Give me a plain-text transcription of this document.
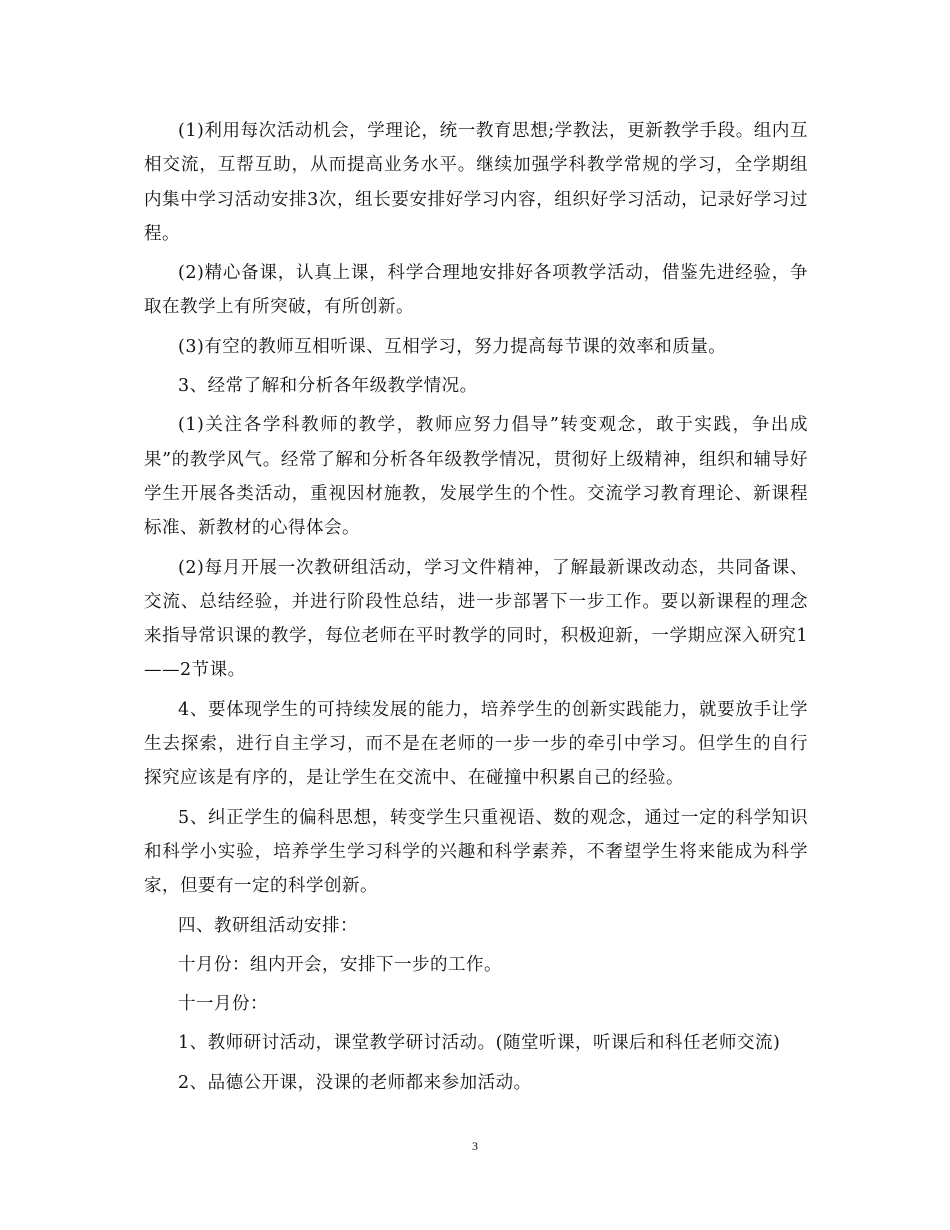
(1)利用每次活动机会，学理论，统一教育思想;学教法，更新教学手段。组内互相交流，互帮互助，从而提高业务水平。继续加强学科教学常规的学习，全学期组内集中学习活动安排3次，组长要安排好学习内容，组织好学习活动，记录好学习过程。

(2)精心备课，认真上课，科学合理地安排好各项教学活动，借鉴先进经验，争取在教学上有所突破，有所创新。

(3)有空的教师互相听课、互相学习，努力提高每节课的效率和质量。

3、经常了解和分析各年级教学情况。

(1)关注各学科教师的教学，教师应努力倡导”转变观念，敢于实践，争出成果”的教学风气。经常了解和分析各年级教学情况，贯彻好上级精神，组织和辅导好学生开展各类活动，重视因材施教，发展学生的个性。交流学习教育理论、新课程标准、新教材的心得体会。

(2)每月开展一次教研组活动，学习文件精神，了解最新课改动态，共同备课、交流、总结经验，并进行阶段性总结，进一步部署下一步工作。要以新课程的理念来指导常识课的教学，每位老师在平时教学的同时，积极迎新，一学期应深入研究1——2节课。

4、要体现学生的可持续发展的能力，培养学生的创新实践能力，就要放手让学生去探索，进行自主学习，而不是在老师的一步一步的牵引中学习。但学生的自行探究应该是有序的，是让学生在交流中、在碰撞中积累自己的经验。

5、纠正学生的偏科思想，转变学生只重视语、数的观念，通过一定的科学知识和科学小实验，培养学生学习科学的兴趣和科学素养，不奢望学生将来能成为科学家，但要有一定的科学创新。

四、教研组活动安排：

十月份：组内开会，安排下一步的工作。

十一月份：

1、教师研讨活动，课堂教学研讨活动。(随堂听课，听课后和科任老师交流)

2、品德公开课，没课的老师都来参加活动。

3
